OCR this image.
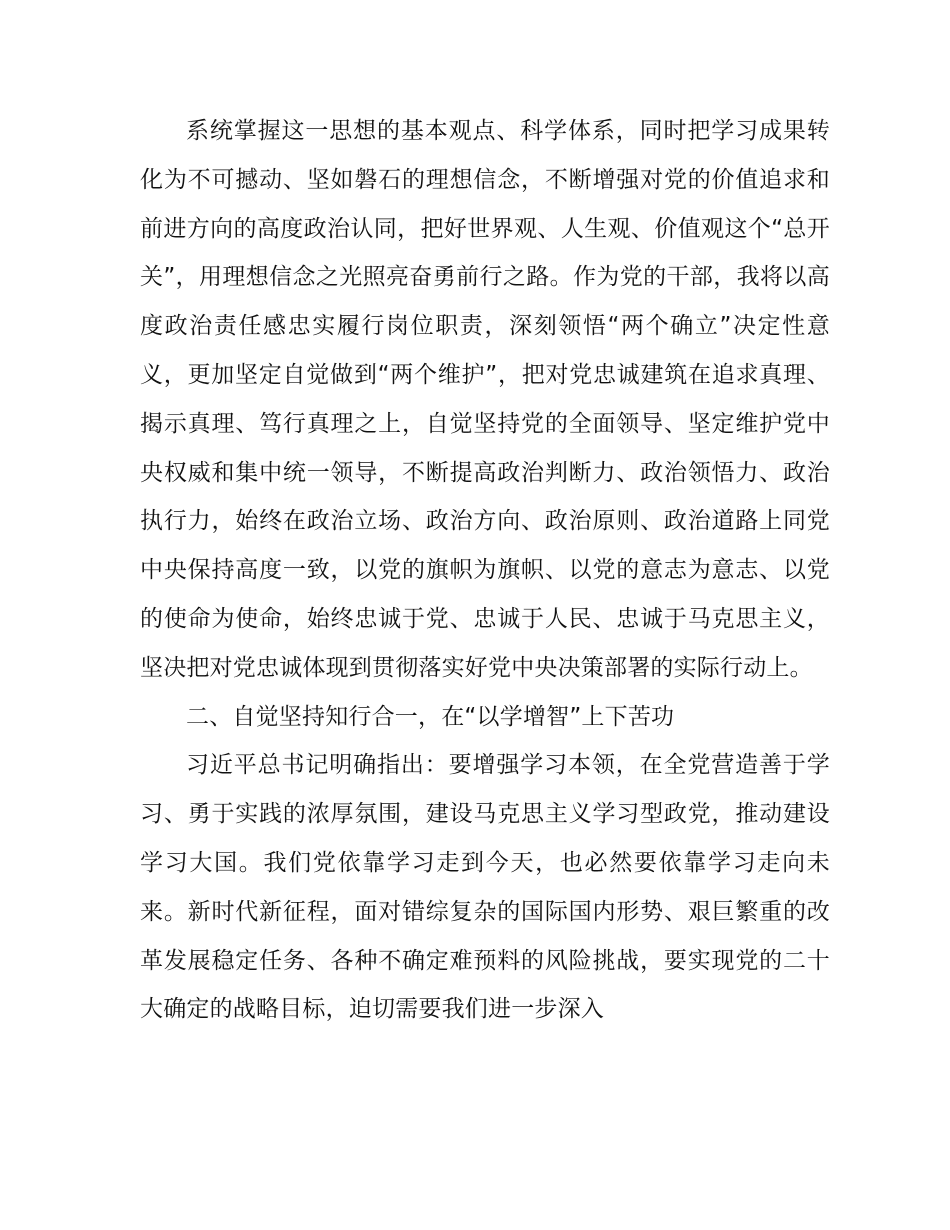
系统掌握这一思想的基本观点、科学体系，同时把学习成果转化为不可撼动、坚如磐石的理想信念，不断增强对党的价值追求和前进方向的高度政治认同，把好世界观、人生观、价值观这个“总开关”，用理想信念之光照亮奋勇前行之路。作为党的干部，我将以高度政治责任感忠实履行岗位职责，深刻领悟“两个确立”决定性意义，更加坚定自觉做到“两个维护”，把对党忠诚建筑在追求真理、揭示真理、笃行真理之上，自觉坚持党的全面领导、坚定维护党中央权威和集中统一领导，不断提高政治判断力、政治领悟力、政治执行力，始终在政治立场、政治方向、政治原则、政治道路上同党中央保持高度一致，以党的旗帜为旗帜、以党的意志为意志、以党的使命为使命，始终忠诚于党、忠诚于人民、忠诚于马克思主义，坚决把对党忠诚体现到贯彻落实好党中央决策部署的实际行动上。

二、自觉坚持知行合一，在“以学增智”上下苦功

习近平总书记明确指出：要增强学习本领，在全党营造善于学习、勇于实践的浓厚氛围，建设马克思主义学习型政党，推动建设学习大国。我们党依靠学习走到今天，也必然要依靠学习走向未来。新时代新征程，面对错综复杂的国际国内形势、艰巨繁重的改革发展稳定任务、各种不确定难预料的风险挑战，要实现党的二十大确定的战略目标，迫切需要我们进一步深入
